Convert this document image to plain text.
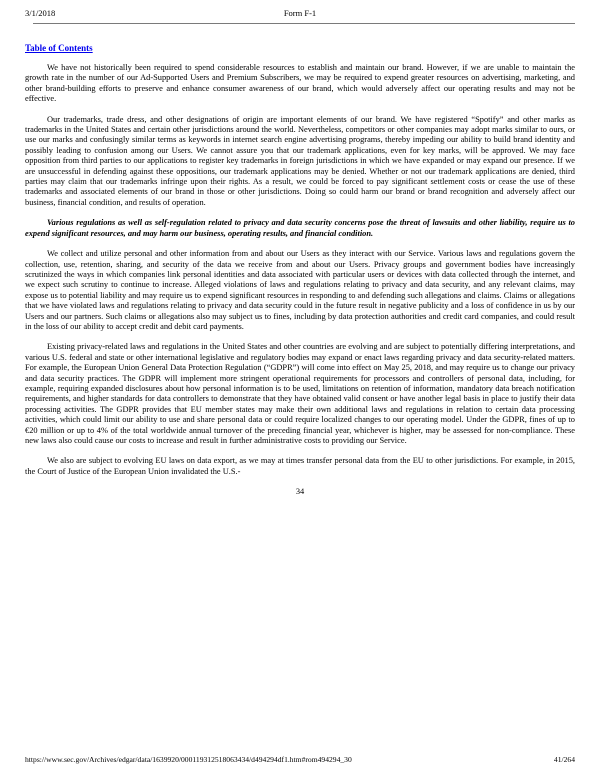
3/1/2018	Form F-1
Table of Contents

We have not historically been required to spend considerable resources to establish and maintain our brand. However, if we are unable to maintain the growth rate in the number of our Ad-Supported Users and Premium Subscribers, we may be required to expend greater resources on advertising, marketing, and other brand-building efforts to preserve and enhance consumer awareness of our brand, which would adversely affect our operating results and may not be effective.

Our trademarks, trade dress, and other designations of origin are important elements of our brand. We have registered “Spotify” and other marks as trademarks in the United States and certain other jurisdictions around the world. Nevertheless, competitors or other companies may adopt marks similar to ours, or use our marks and confusingly similar terms as keywords in internet search engine advertising programs, thereby impeding our ability to build brand identity and possibly leading to confusion among our Users. We cannot assure you that our trademark applications, even for key marks, will be approved. We may face opposition from third parties to our applications to register key trademarks in foreign jurisdictions in which we have expanded or may expand our presence. If we are unsuccessful in defending against these oppositions, our trademark applications may be denied. Whether or not our trademark applications are denied, third parties may claim that our trademarks infringe upon their rights. As a result, we could be forced to pay significant settlement costs or cease the use of these trademarks and associated elements of our brand in those or other jurisdictions. Doing so could harm our brand or brand recognition and adversely affect our business, financial condition, and results of operation.

Various regulations as well as self-regulation related to privacy and data security concerns pose the threat of lawsuits and other liability, require us to expend significant resources, and may harm our business, operating results, and financial condition.

We collect and utilize personal and other information from and about our Users as they interact with our Service. Various laws and regulations govern the collection, use, retention, sharing, and security of the data we receive from and about our Users. Privacy groups and government bodies have increasingly scrutinized the ways in which companies link personal identities and data associated with particular users or devices with data collected through the internet, and we expect such scrutiny to continue to increase. Alleged violations of laws and regulations relating to privacy and data security, and any relevant claims, may expose us to potential liability and may require us to expend significant resources in responding to and defending such allegations and claims. Claims or allegations that we have violated laws and regulations relating to privacy and data security could in the future result in negative publicity and a loss of confidence in us by our Users and our partners. Such claims or allegations also may subject us to fines, including by data protection authorities and credit card companies, and could result in the loss of our ability to accept credit and debit card payments.

Existing privacy-related laws and regulations in the United States and other countries are evolving and are subject to potentially differing interpretations, and various U.S. federal and state or other international legislative and regulatory bodies may expand or enact laws regarding privacy and data security-related matters. For example, the European Union General Data Protection Regulation (“GDPR”) will come into effect on May 25, 2018, and may require us to change our privacy and data security practices. The GDPR will implement more stringent operational requirements for processors and controllers of personal data, including, for example, requiring expanded disclosures about how personal information is to be used, limitations on retention of information, mandatory data breach notification requirements, and higher standards for data controllers to demonstrate that they have obtained valid consent or have another legal basis in place to justify their data processing activities. The GDPR provides that EU member states may make their own additional laws and regulations in relation to certain data processing activities, which could limit our ability to use and share personal data or could require localized changes to our operating model. Under the GDPR, fines of up to €20 million or up to 4% of the total worldwide annual turnover of the preceding financial year, whichever is higher, may be assessed for non-compliance. These new laws also could cause our costs to increase and result in further administrative costs to providing our Service.

We also are subject to evolving EU laws on data export, as we may at times transfer personal data from the EU to other jurisdictions. For example, in 2015, the Court of Justice of the European Union invalidated the U.S.-

34
https://www.sec.gov/Archives/edgar/data/1639920/000119312518063434/d494294df1.htm#rom494294_30	41/264
